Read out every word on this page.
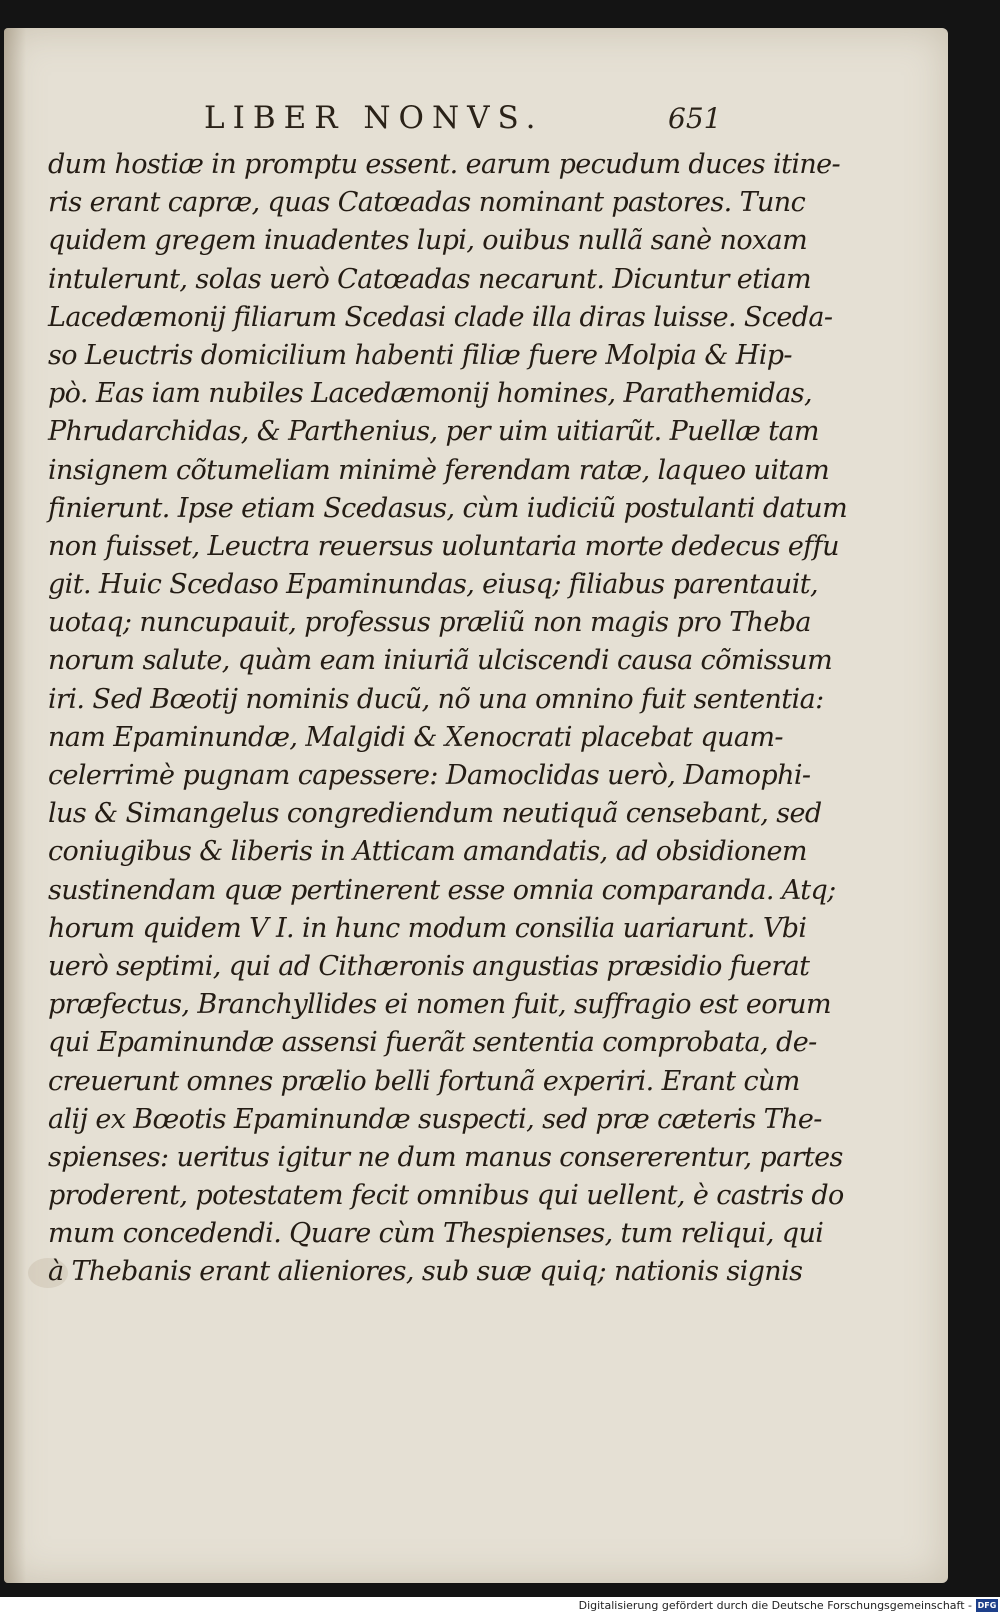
LIBER NONVS.	651
dum hostiæ in promptu essent. earum pecudum duces itine-
ris erant capræ, quas Catœadas nominant pastores. Tunc
quidem gregem inuadentes lupi, ouibus nullã sanè noxam
intulerunt, solas uerò Catœadas necarunt. Dicuntur etiam
Lacedæmonij filiarum Scedasi clade illa diras luisse. Sceda-
so Leuctris domicilium habenti filiæ fuere Molpia & Hip-
pò. Eas iam nubiles Lacedæmonij homines, Parathemidas,
Phrudarchidas, & Parthenius, per uim uitiarũt. Puellæ tam
insignem cõtumeliam minimè ferendam ratæ, laqueo uitam
finierunt. Ipse etiam Scedasus, cùm iudiciũ postulanti datum
non fuisset, Leuctra reuersus uoluntaria morte dedecus effu
git. Huic Scedaso Epaminundas, eiusq; filiabus parentauit,
uotaq; nuncupauit, professus præliũ non magis pro Theba
norum salute, quàm eam iniuriã ulciscendi causa cõmissum
iri. Sed Bœotij nominis ducũ, nõ una omnino fuit sententia:
nam Epaminundæ, Malgidi & Xenocrati placebat quam-
celerrimè pugnam capessere: Damoclidas uerò, Damophi-
lus & Simangelus congrediendum neutiquã censebant, sed
coniugibus & liberis in Atticam amandatis, ad obsidionem
sustinendam quæ pertinerent esse omnia comparanda. Atq;
horum quidem V I. in hunc modum consilia uariarunt. Vbi
uerò septimi, qui ad Cithæronis angustias præsidio fuerat
præfectus, Branchyllides ei nomen fuit, suffragio est eorum
qui Epaminundæ assensi fuerãt sententia comprobata, de-
creuerunt omnes prælio belli fortunã experiri. Erant cùm
alij ex Bœotis Epaminundæ suspecti, sed præ cæteris The-
spienses: ueritus igitur ne dum manus consererentur, partes
proderent, potestatem fecit omnibus qui uellent, è castris do
mum concedendi. Quare cùm Thespienses, tum reliqui, qui
à Thebanis erant alieniores, sub suæ quiq; nationis signis
Digitalisierung gefördert durch die Deutsche Forschungsgemeinschaft - DFG
